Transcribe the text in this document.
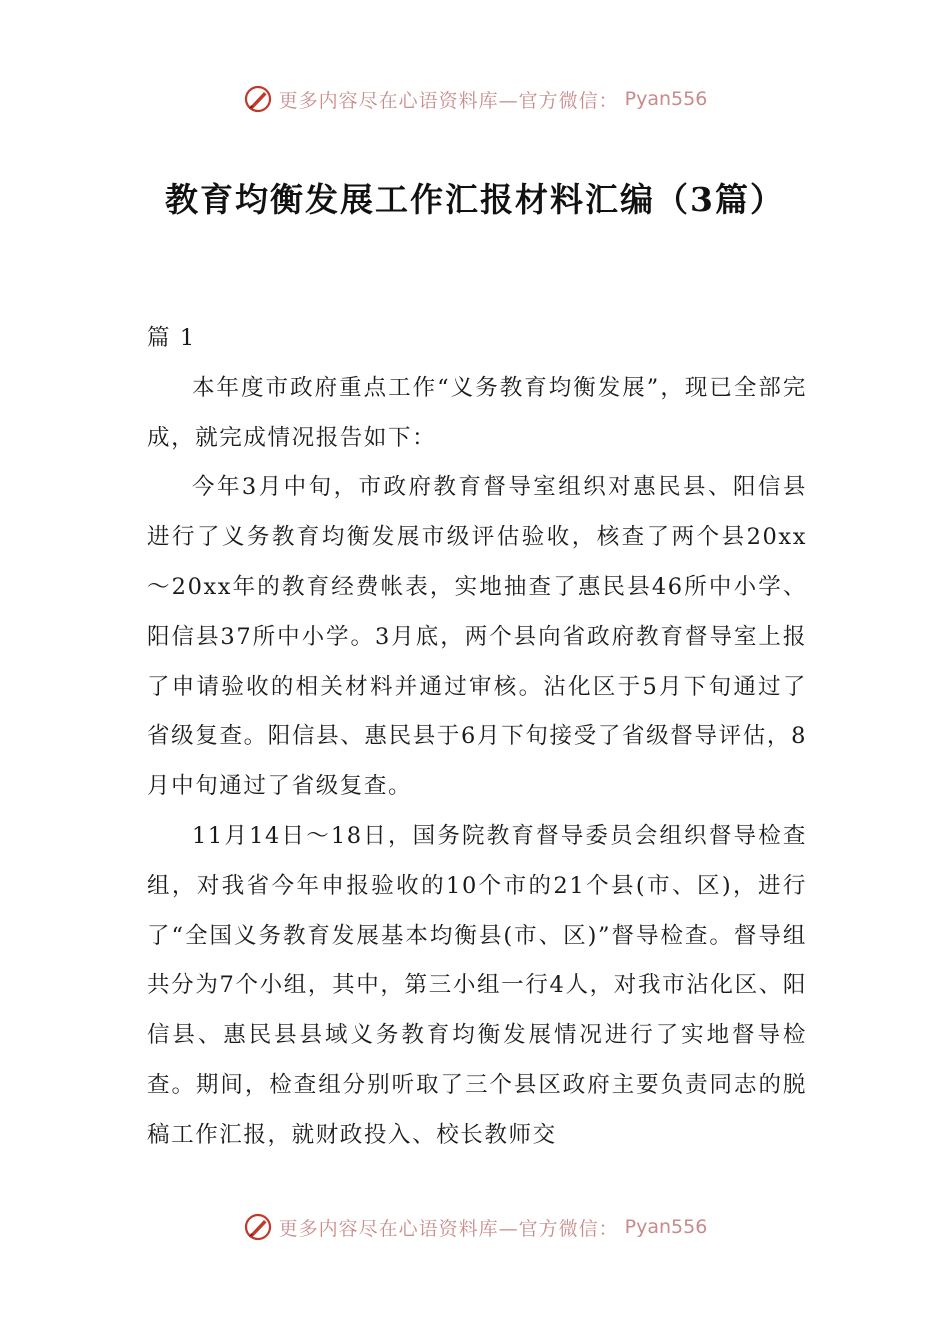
更多内容尽在心语资料库—官方微信： Pyan556
教育均衡发展工作汇报材料汇编（3篇）

篇 1

本年度市政府重点工作“义务教育均衡发展”，现已全部完成，就完成情况报告如下：

今年3月中旬，市政府教育督导室组织对惠民县、阳信县进行了义务教育均衡发展市级评估验收，核查了两个县20xx～20xx年的教育经费帐表，实地抽查了惠民县46所中小学、阳信县37所中小学。3月底，两个县向省政府教育督导室上报了申请验收的相关材料并通过审核。沾化区于5月下旬通过了省级复查。阳信县、惠民县于6月下旬接受了省级督导评估，8月中旬通过了省级复查。

11月14日～18日，国务院教育督导委员会组织督导检查组，对我省今年申报验收的10个市的21个县(市、区)，进行了“全国义务教育发展基本均衡县(市、区)”督导检查。督导组共分为7个小组，其中，第三小组一行4人，对我市沾化区、阳信县、惠民县县域义务教育均衡发展情况进行了实地督导检查。期间，检查组分别听取了三个县区政府主要负责同志的脱稿工作汇报，就财政投入、校长教师交

更多内容尽在心语资料库—官方微信： Pyan556
